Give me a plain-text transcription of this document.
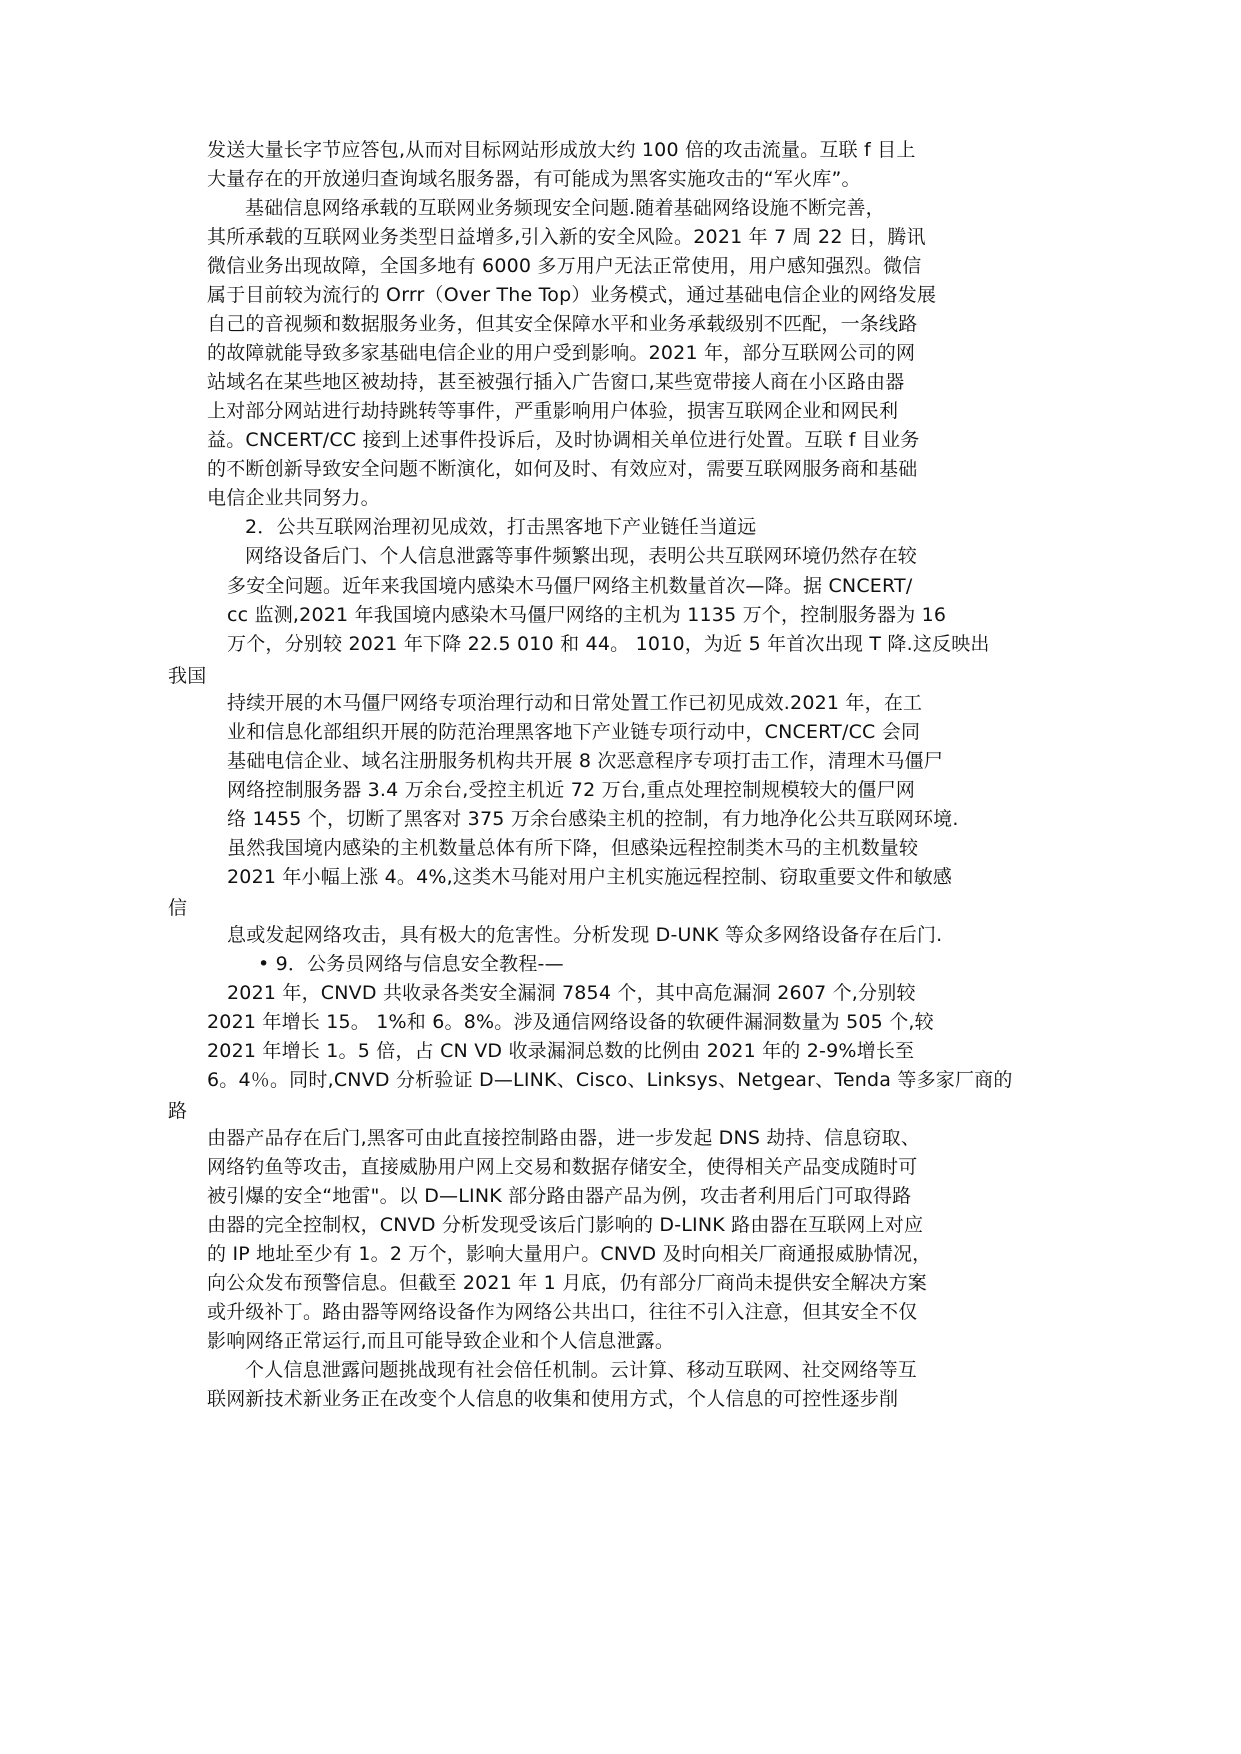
发送大量长字节应答包,从而对目标网站形成放大约 100 倍的攻击流量。互联 f 目上
大量存在的开放递归查询域名服务器，有可能成为黑客实施攻击的“军火库”。
基础信息网络承载的互联网业务频现安全问题.随着基础网络设施不断完善，
其所承载的互联网业务类型日益增多,引入新的安全风险。2021 年 7 周 22 日，腾讯
微信业务出现故障，全国多地有 6000 多万用户无法正常使用，用户感知强烈。微信
属于目前较为流行的 Orrr（Over The Top）业务模式，通过基础电信企业的网络发展
自己的音视频和数据服务业务，但其安全保障水平和业务承载级别不匹配，一条线路
的故障就能导致多家基础电信企业的用户受到影响。2021 年，部分互联网公司的网
站域名在某些地区被劫持，甚至被强行插入广告窗口,某些宽带接人商在小区路由器
上对部分网站进行劫持跳转等事件，严重影响用户体验，损害互联网企业和网民利
益。CNCERT/CC 接到上述事件投诉后，及时协调相关单位进行处置。互联 f 目业务
的不断创新导致安全问题不断演化，如何及时、有效应对，需要互联网服务商和基础
电信企业共同努力。
2．公共互联网治理初见成效，打击黑客地下产业链任当道远
网络设备后门、个人信息泄露等事件频繁出现，表明公共互联网环境仍然存在较
多安全问题。近年来我国境内感染木马僵尸网络主机数量首次—降。据 CNCERT/
cc 监测,2021 年我国境内感染木马僵尸网络的主机为 1135 万个，控制服务器为 16
万个，分别较 2021 年下降 22.5 010 和 44。 1010，为近 5 年首次出现 T 降.这反映出
我国
持续开展的木马僵尸网络专项治理行动和日常处置工作已初见成效.2021 年，在工
业和信息化部组织开展的防范治理黑客地下产业链专项行动中，CNCERT/CC 会同
基础电信企业、域名注册服务机构共开展 8 次恶意程序专项打击工作，清理木马僵尸
网络控制服务器 3.4 万余台,受控主机近 72 万台,重点处理控制规模较大的僵尸网
络 1455 个，切断了黑客对 375 万余台感染主机的控制，有力地净化公共互联网环境.
虽然我国境内感染的主机数量总体有所下降，但感染远程控制类木马的主机数量较
2021 年小幅上涨 4。4%,这类木马能对用户主机实施远程控制、窃取重要文件和敏感
信
息或发起网络攻击，具有极大的危害性。分析发现 D-UNK 等众多网络设备存在后门.
• 9．公务员网络与信息安全教程-—
2021 年，CNVD 共收录各类安全漏洞 7854 个，其中高危漏洞 2607 个,分别较
2021 年增长 15。 1%和 6。8%。涉及通信网络设备的软硬件漏洞数量为 505 个,较
2021 年增长 1。5 倍，占 CN VD 收录漏洞总数的比例由 2021 年的 2-9%增长至
6。4％。同时,CNVD 分析验证 D—LINK、Cisco、Linksys、Netgear、Tenda 等多家厂商的
路
由器产品存在后门,黑客可由此直接控制路由器，进一步发起 DNS 劫持、信息窃取、
网络钓鱼等攻击，直接威胁用户网上交易和数据存储安全，使得相关产品变成随时可
被引爆的安全“地雷"。以 D—LINK 部分路由器产品为例，攻击者利用后门可取得路
由器的完全控制权，CNVD 分析发现受该后门影响的 D-LINK 路由器在互联网上对应
的 IP 地址至少有 1。2 万个，影响大量用户。CNVD 及时向相关厂商通报威胁情况，
向公众发布预警信息。但截至 2021 年 1 月底，仍有部分厂商尚未提供安全解决方案
或升级补丁。路由器等网络设备作为网络公共出口，往往不引入注意，但其安全不仅
影响网络正常运行,而且可能导致企业和个人信息泄露。
个人信息泄露问题挑战现有社会倍任机制。云计算、移动互联网、社交网络等互
联网新技术新业务正在改变个人信息的收集和使用方式，个人信息的可控性逐步削
